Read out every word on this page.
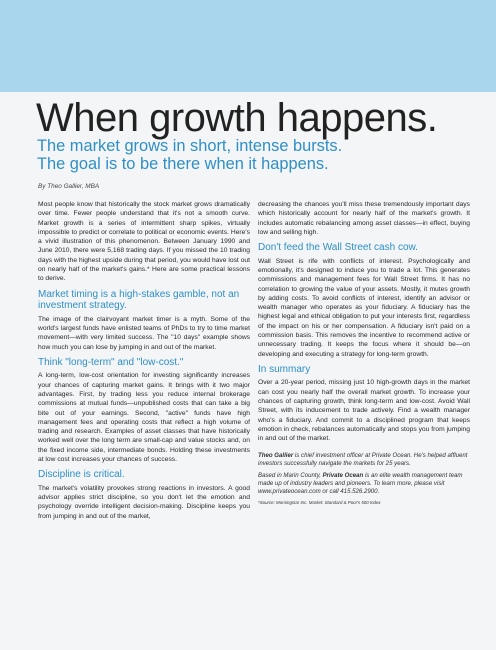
When growth happens.
The market grows in short, intense bursts.
The goal is to be there when it happens.

By Theo Gallier, MBA

Most people know that historically the stock market grows dramatically over time. Fewer people understand that it's not a smooth curve. Market growth is a series of intermittent sharp spikes, virtually impossible to predict or correlate to political or economic events. Here's a vivid illustration of this phenomenon. Between January 1990 and June 2010, there were 5,168 trading days. If you missed the 10 trading days with the highest upside during that period, you would have lost out on nearly half of the market's gains.* Here are some practical lessons to derive.

Market timing is a high-stakes gamble, not an investment strategy.

The image of the clairvoyant market timer is a myth. Some of the world's largest funds have enlisted teams of PhDs to try to time market movement—with very limited success. The "10 days" example shows how much you can lose by jumping in and out of the market.

Think "long-term" and "low-cost."

A long-term, low-cost orientation for investing significantly increases your chances of capturing market gains. It brings with it two major advantages. First, by trading less you reduce internal brokerage commissions at mutual funds—unpublished costs that can take a big bite out of your earnings. Second, "active" funds have high management fees and operating costs that reflect a high volume of trading and research. Examples of asset classes that have historically worked well over the long term are small-cap and value stocks and, on the fixed income side, intermediate bonds. Holding these investments at low cost increases your chances of success.

Discipline is critical.

The market's volatility provokes strong reactions in investors. A good advisor applies strict discipline, so you don't let the emotion and psychology override intelligent decision-making. Discipline keeps you from jumping in and out of the market,

decreasing the chances you'll miss these tremendously important days which historically account for nearly half of the market's growth. It includes automatic rebalancing among asset classes—in effect, buying low and selling high.

Don't feed the Wall Street cash cow.

Wall Street is rife with conflicts of interest. Psychologically and emotionally, it's designed to induce you to trade a lot. This generates commissions and management fees for Wall Street firms. It has no correlation to growing the value of your assets. Mostly, it mutes growth by adding costs. To avoid conflicts of interest, identify an advisor or wealth manager who operates as your fiduciary. A fiduciary has the highest legal and ethical obligation to put your interests first, regardless of the impact on his or her compensation. A fiduciary isn't paid on a commission basis. This removes the incentive to recommend active or unnecessary trading. It keeps the focus where it should be—on developing and executing a strategy for long-term growth.

In summary

Over a 20-year period, missing just 10 high-growth days in the market can cost you nearly half the overall market growth. To increase your chances of capturing growth, think long-term and low-cost. Avoid Wall Street, with its inducement to trade actively. Find a wealth manager who's a fiduciary. And commit to a disciplined program that keeps emotion in check, rebalances automatically and stops you from jumping in and out of the market.

Theo Gallier is chief investment officer at Private Ocean. He's helped affluent investors successfully navigate the markets for 25 years.

Based in Marin County, Private Ocean is an elite wealth management team made up of industry leaders and pioneers. To learn more, please visit www.privateocean.com or call 415.526.2900.

*Source: Morningstar Inc. Market: Standard & Poor's 500 Index
